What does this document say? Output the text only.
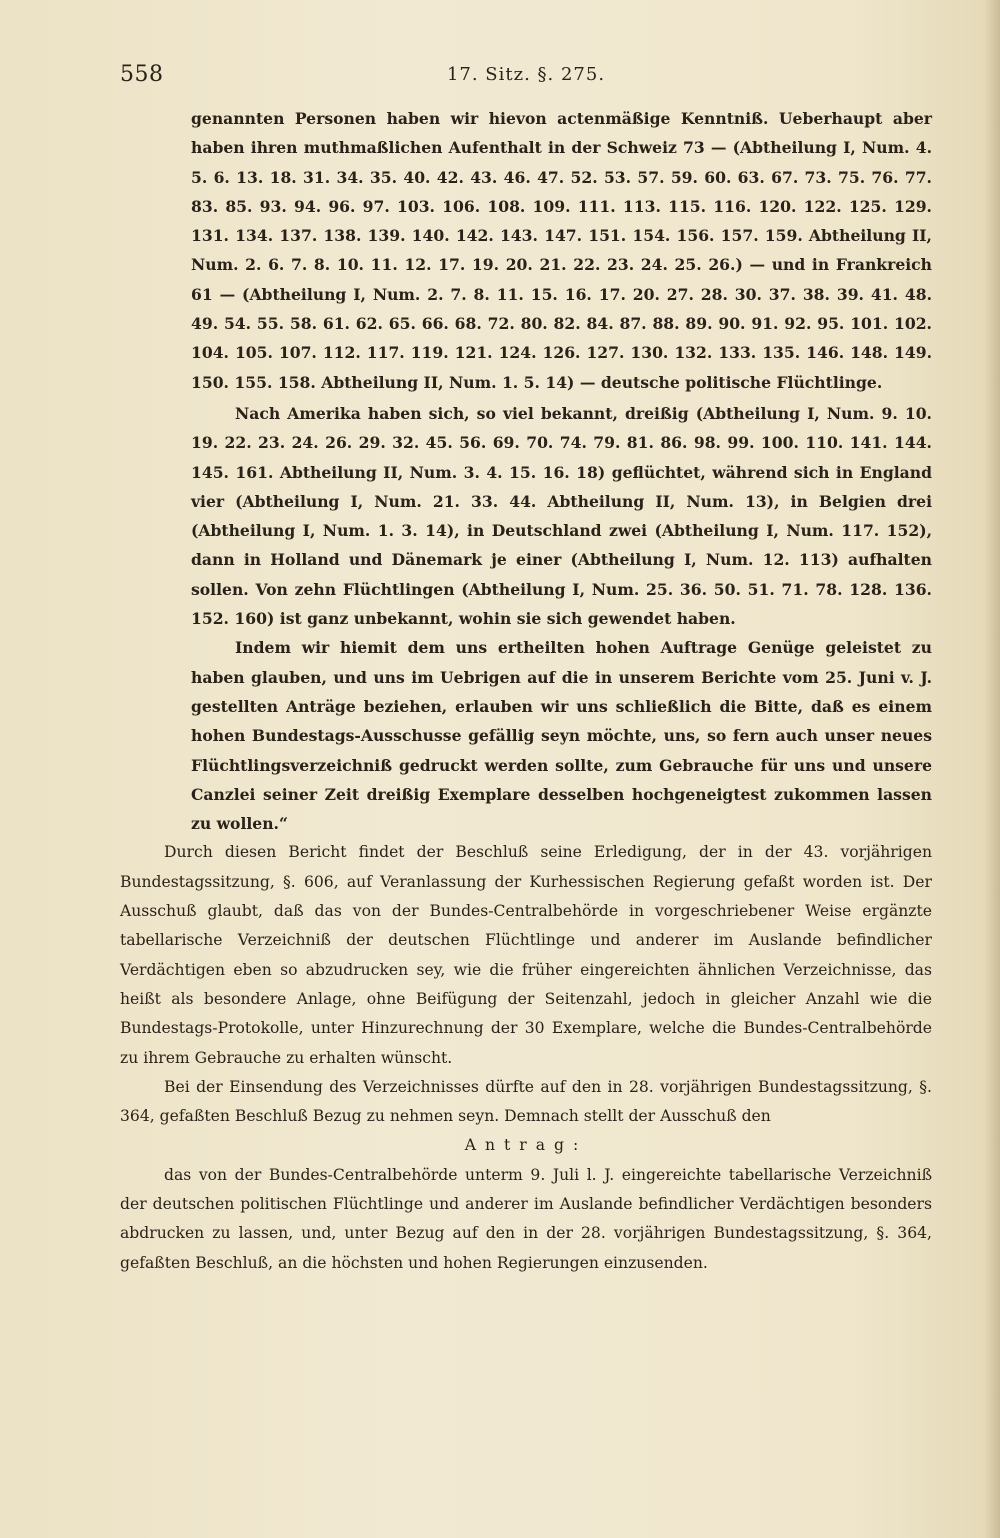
558	17. Sitz. §. 275.

genannten Personen haben wir hievon actenmäßige Kenntniß. Ueberhaupt aber haben ihren muthmaßlichen Aufenthalt in der Schweiz 73 — (Abtheilung I, Num. 4. 5. 6. 13. 18. 31. 34. 35. 40. 42. 43. 46. 47. 52. 53. 57. 59. 60. 63. 67. 73. 75. 76. 77. 83. 85. 93. 94. 96. 97. 103. 106. 108. 109. 111. 113. 115. 116. 120. 122. 125. 129. 131. 134. 137. 138. 139. 140. 142. 143. 147. 151. 154. 156. 157. 159. Abtheilung II, Num. 2. 6. 7. 8. 10. 11. 12. 17. 19. 20. 21. 22. 23. 24. 25. 26.) — und in Frankreich 61 — (Abtheilung I, Num. 2. 7. 8. 11. 15. 16. 17. 20. 27. 28. 30. 37. 38. 39. 41. 48. 49. 54. 55. 58. 61. 62. 65. 66. 68. 72. 80. 82. 84. 87. 88. 89. 90. 91. 92. 95. 101. 102. 104. 105. 107. 112. 117. 119. 121. 124. 126. 127. 130. 132. 133. 135. 146. 148. 149. 150. 155. 158. Abtheilung II, Num. 1. 5. 14) — deutsche politische Flüchtlinge.

Nach Amerika haben sich, so viel bekannt, dreißig (Abtheilung I, Num. 9. 10. 19. 22. 23. 24. 26. 29. 32. 45. 56. 69. 70. 74. 79. 81. 86. 98. 99. 100. 110. 141. 144. 145. 161. Abtheilung II, Num. 3. 4. 15. 16. 18) geflüchtet, während sich in England vier (Abtheilung I, Num. 21. 33. 44. Abtheilung II, Num. 13), in Belgien drei (Abtheilung I, Num. 1. 3. 14), in Deutschland zwei (Abtheilung I, Num. 117. 152), dann in Holland und Dänemark je einer (Abtheilung I, Num. 12. 113) aufhalten sollen. Von zehn Flüchtlingen (Abtheilung I, Num. 25. 36. 50. 51. 71. 78. 128. 136. 152. 160) ist ganz unbekannt, wohin sie sich gewendet haben.

Indem wir hiemit dem uns ertheilten hohen Auftrage Genüge geleistet zu haben glauben, und uns im Uebrigen auf die in unserem Berichte vom 25. Juni v. J. gestellten Anträge beziehen, erlauben wir uns schließlich die Bitte, daß es einem hohen Bundestags-Ausschusse gefällig seyn möchte, uns, so fern auch unser neues Flüchtlingsverzeichniß gedruckt werden sollte, zum Gebrauche für uns und unsere Canzlei seiner Zeit dreißig Exemplare desselben hochgeneigtest zukommen lassen zu wollen.“

Durch diesen Bericht findet der Beschluß seine Erledigung, der in der 43. vorjährigen Bundestagssitzung, §. 606, auf Veranlassung der Kurhessischen Regierung gefaßt worden ist. Der Ausschuß glaubt, daß das von der Bundes-Centralbehörde in vorgeschriebener Weise ergänzte tabellarische Verzeichniß der deutschen Flüchtlinge und anderer im Auslande befindlicher Verdächtigen eben so abzudrucken sey, wie die früher eingereichten ähnlichen Verzeichnisse, das heißt als besondere Anlage, ohne Beifügung der Seitenzahl, jedoch in gleicher Anzahl wie die Bundestags-Protokolle, unter Hinzurechnung der 30 Exemplare, welche die Bundes-Centralbehörde zu ihrem Gebrauche zu erhalten wünscht.

Bei der Einsendung des Verzeichnisses dürfte auf den in 28. vorjährigen Bundestagssitzung, §. 364, gefaßten Beschluß Bezug zu nehmen seyn. Demnach stellt der Ausschuß den

Antrag:

das von der Bundes-Centralbehörde unterm 9. Juli l. J. eingereichte tabellarische Verzeichniß der deutschen politischen Flüchtlinge und anderer im Auslande befindlicher Verdächtigen besonders abdrucken zu lassen, und, unter Bezug auf den in der 28. vorjährigen Bundestagssitzung, §. 364, gefaßten Beschluß, an die höchsten und hohen Regierungen einzusenden.
